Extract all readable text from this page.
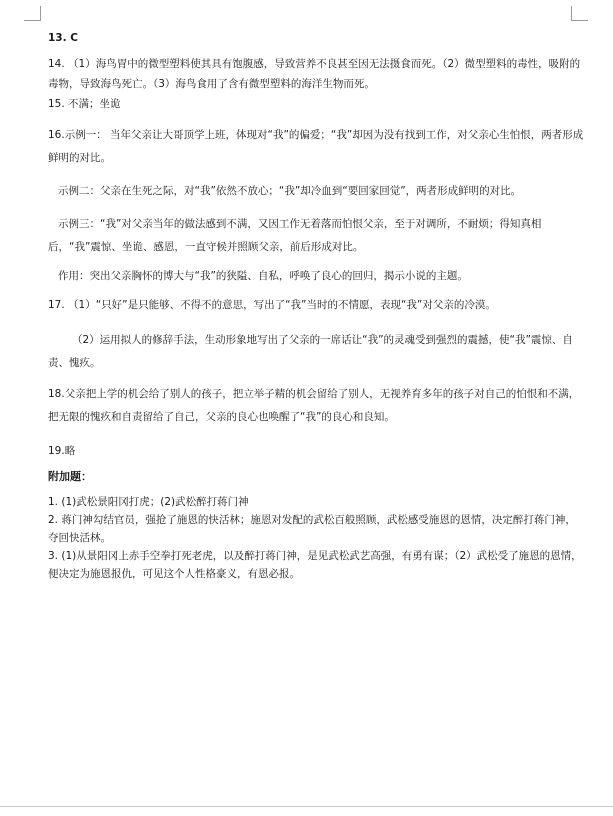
13. C

14. （1）海鸟胃中的微型塑料使其具有饱腹感，导致营养不良甚至因无法摄食而死。（2）微型塑料的毒性，吸附的毒物，导致海鸟死亡。（3）海鸟食用了含有微型塑料的海洋生物而死。

15. 不满；坐诡

16.示例一： 当年父亲让大哥顶学上班，体现对“我”的偏爱；“我”却因为没有找到工作，对父亲心生怕恨，两者形成鲜明的对比。

示例二：父亲在生死之际，对“我”依然不放心；“我”却冷血到“要回家回觉”，两者形成鲜明的对比。

示例三：“我”对父亲当年的做法感到不满，又因工作无着落而怕恨父亲，至于对调所，不耐烦；得知真相后，“我”震惊、坐诡、感恩，一直守候并照顾父亲，前后形成对比。

作用：突出父亲胸怀的博大与“我”的狭隘、自私，呼唤了良心的回归，揭示小说的主题。

17. （1）“只好”是只能够、不得不的意思，写出了“我”当时的不情愿，表现“我”对父亲的冷漠。

（2）运用拟人的修辞手法，生动形象地写出了父亲的一席话让“我”的灵魂受到强烈的震撼，使“我”震惊、自责、愧疚。

18.父亲把上学的机会给了别人的孩子，把立举子精的机会留给了别人，无视养育多年的孩子对自己的怕恨和不满，把无限的愧疚和自责留给了自己，父亲的良心也唤醒了“我”的良心和良知。

19.略

附加题：

1. (1)武松景阳冈打虎；(2)武松醉打蒋门神

2. 蒋门神勾结官员，强抢了施恩的快活林；施恩对发配的武松百般照顾，武松感受施恩的恩情，决定醉打蒋门神，夺回快活林。

3. (1)从景阳冈上赤手空拳打死老虎，以及醉打蒋门神，是见武松武艺高强，有勇有谋；（2）武松受了施恩的恩情，便决定为施恩报仇，可见这个人性格豪义，有恩必报。
